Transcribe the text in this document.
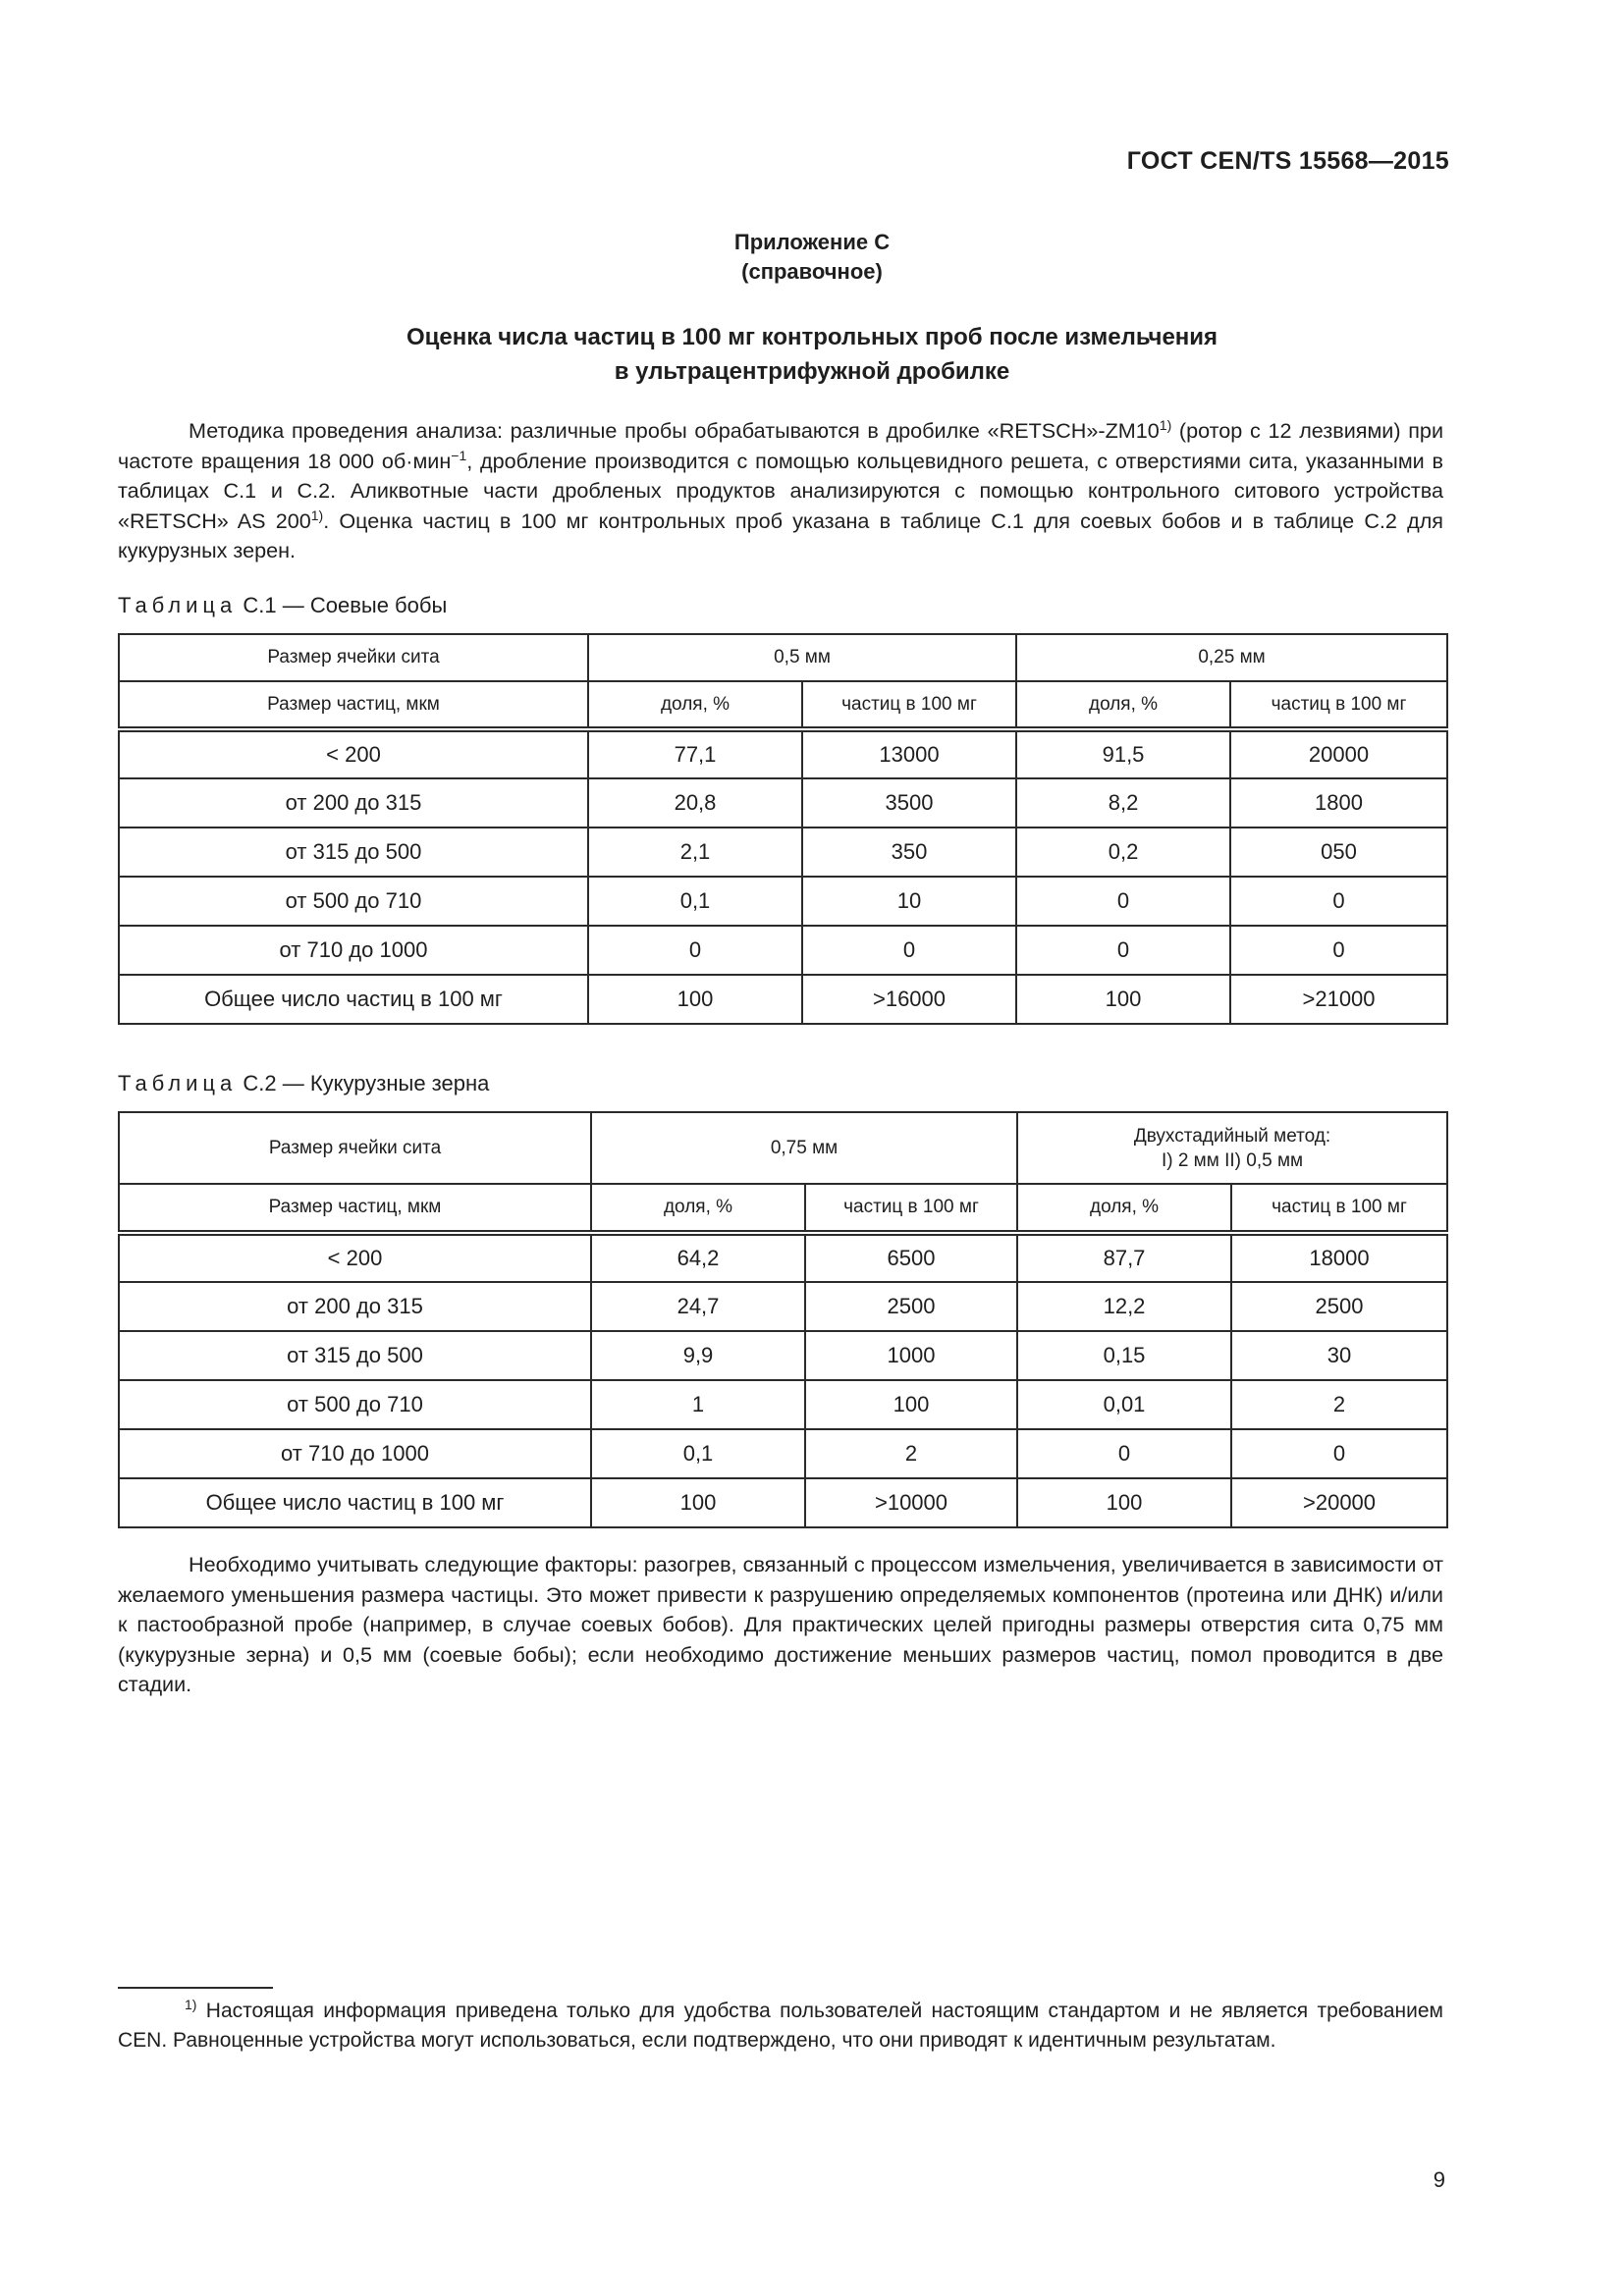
ГОСТ CEN/TS 15568—2015
Приложение С
(справочное)
Оценка числа частиц в 100 мг контрольных проб после измельчения
в ультрацентрифужной дробилке

Методика проведения анализа: различные пробы обрабатываются в дробилке «RETSCH»-ZM10$^{1)}$ (ротор с 12 лезвиями) при частоте вращения 18 000 об·мин$^{-1}$, дробление производится с помощью кольцевидного решета, с отверстиями сита, указанными в таблицах С.1 и С.2. Аликвотные части дробленых продуктов анализируются с помощью контрольного ситового устройства «RETSCH» AS 200$^{1)}$. Оценка частиц в 100 мг контрольных проб указана в таблице С.1 для соевых бобов и в таблице С.2 для кукурузных зерен.

Таблица С.1 — Соевые бобы
Размер ячейки сита	0,5 мм		0,25 мм	
Размер частиц, мкм	доля, %	частиц в 100 мг	доля, %	частиц в 100 мг
< 200	77,1	13000	91,5	20000
от 200 до 315	20,8	3500	8,2	1800
от 315 до 500	2,1	350	0,2	050
от 500 до 710	0,1	10	0	0
от 710 до 1000	0	0	0	0
Общее число частиц в 100 мг	100	>16000	100	>21000
Таблица С.2 — Кукурузные зерна
Размер ячейки сита	0,75 мм		Двухстадийный метод:
I) 2 мм II) 0,5 мм	

Размер частиц, мкм	доля, %	частиц в 100 мг	доля, %	частиц в 100 мг
< 200	64,2	6500	87,7	18000
от 200 до 315	24,7	2500	12,2	2500
от 315 до 500	9,9	1000	0,15	30
от 500 до 710	1	100	0,01	2
от 710 до 1000	0,1	2	0	0
Общее число частиц в 100 мг	100	>10000	100	>20000

Необходимо учитывать следующие факторы: разогрев, связанный с процессом измельчения, увеличивается в зависимости от желаемого уменьшения размера частицы. Это может привести к разрушению определяемых компонентов (протеина или ДНК) и/или к пастообразной пробе (например, в случае соевых бобов). Для практических целей пригодны размеры отверстия сита 0,75 мм (кукурузные зерна) и 0,5 мм (соевые бобы); если необходимо достижение меньших размеров частиц, помол проводится в две стадии.

$^{1)}$ Настоящая информация приведена только для удобства пользователей настоящим стандартом и не является требованием CEN. Равноценные устройства могут использоваться, если подтверждено, что они приводят к идентичным результатам.

9
